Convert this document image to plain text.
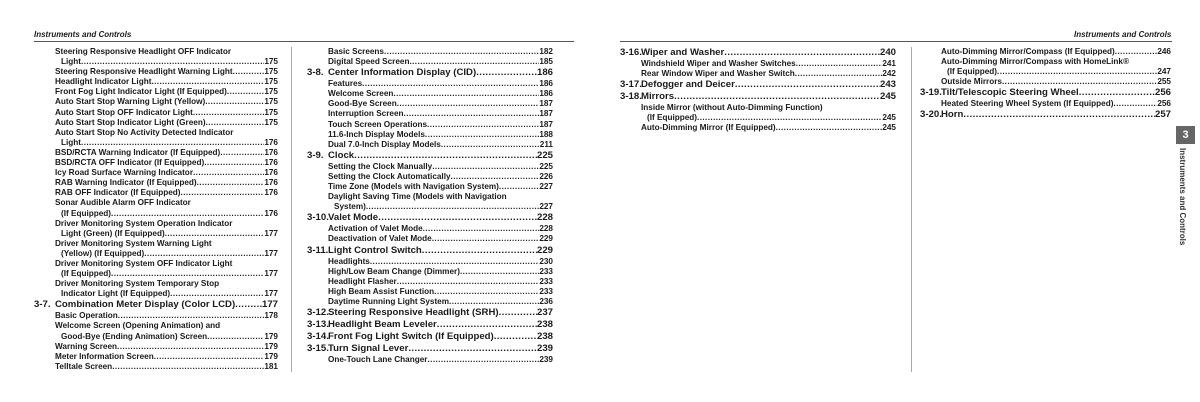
Instruments and Controls
Steering Responsive Headlight OFF Indicator
Light .....	175
Steering Responsive Headlight Warning Light .....	175
Headlight Indicator Light .....	175
Front Fog Light Indicator Light (If Equipped) .....	175
Auto Start Stop Warning Light (Yellow) .....	175
Auto Start Stop OFF Indicator Light .....	175
Auto Start Stop Indicator Light (Green) .....	175
Auto Start Stop No Activity Detected Indicator
Light .....	176
BSD/RCTA Warning Indicator (If Equipped) .....	176
BSD/RCTA OFF Indicator (If Equipped) .....	176
Icy Road Surface Warning Indicator .....	176
RAB Warning Indicator (If Equipped) .....	176
RAB OFF Indicator (If Equipped) .....	176
Sonar Audible Alarm OFF Indicator
(If Equipped) .....	176
Driver Monitoring System Operation Indicator
Light (Green) (If Equipped) .....	177
Driver Monitoring System Warning Light
(Yellow) (If Equipped) .....	177
Driver Monitoring System OFF Indicator Light
(If Equipped) .....	177
Driver Monitoring System Temporary Stop
Indicator Light (If Equipped) .....	177
3-7. Combination Meter Display (Color LCD) .....	177
Basic Operation .....	178
Welcome Screen (Opening Animation) and
Good-Bye (Ending Animation) Screen .....	179
Warning Screen .....	179
Meter Information Screen .....	179
Telltale Screen .....	181
Basic Screens .....	182
Digital Speed Screen .....	185
3-8. Center Information Display (CID) .....	186
Features .....	186
Welcome Screen .....	186
Good-Bye Screen .....	187
Interruption Screen .....	187
Touch Screen Operations .....	187
11.6-Inch Display Models .....	188
Dual 7.0-Inch Display Models .....	211
3-9. Clock .....	225
Setting the Clock Manually .....	225
Setting the Clock Automatically .....	226
Time Zone (Models with Navigation System) .....	227
Daylight Saving Time (Models with Navigation
System) .....	227
3-10. Valet Mode .....	228
Activation of Valet Mode .....	228
Deactivation of Valet Mode .....	229
3-11. Light Control Switch .....	229
Headlights .....	230
High/Low Beam Change (Dimmer) .....	233
Headlight Flasher .....	233
High Beam Assist Function .....	233
Daytime Running Light System .....	236
3-12. Steering Responsive Headlight (SRH) .....	237
3-13. Headlight Beam Leveler .....	238
3-14. Front Fog Light Switch (If Equipped) .....	238
3-15. Turn Signal Lever .....	239
One-Touch Lane Changer .....	239
Instruments and Controls
3-16. Wiper and Washer .....	240
Windshield Wiper and Washer Switches .....	241
Rear Window Wiper and Washer Switch .....	242
3-17. Defogger and Deicer .....	243
3-18. Mirrors .....	245
Inside Mirror (without Auto-Dimming Function)
(If Equipped) .....	245
Auto-Dimming Mirror (If Equipped) .....	245
Auto-Dimming Mirror/Compass (If Equipped) .....	246
Auto-Dimming Mirror/Compass with HomeLink®
(If Equipped) .....	247
Outside Mirrors .....	255
3-19. Tilt/Telescopic Steering Wheel .....	256
Heated Steering Wheel System (If Equipped) .....	256
3-20. Horn .....	257
3
Instruments and Controls
